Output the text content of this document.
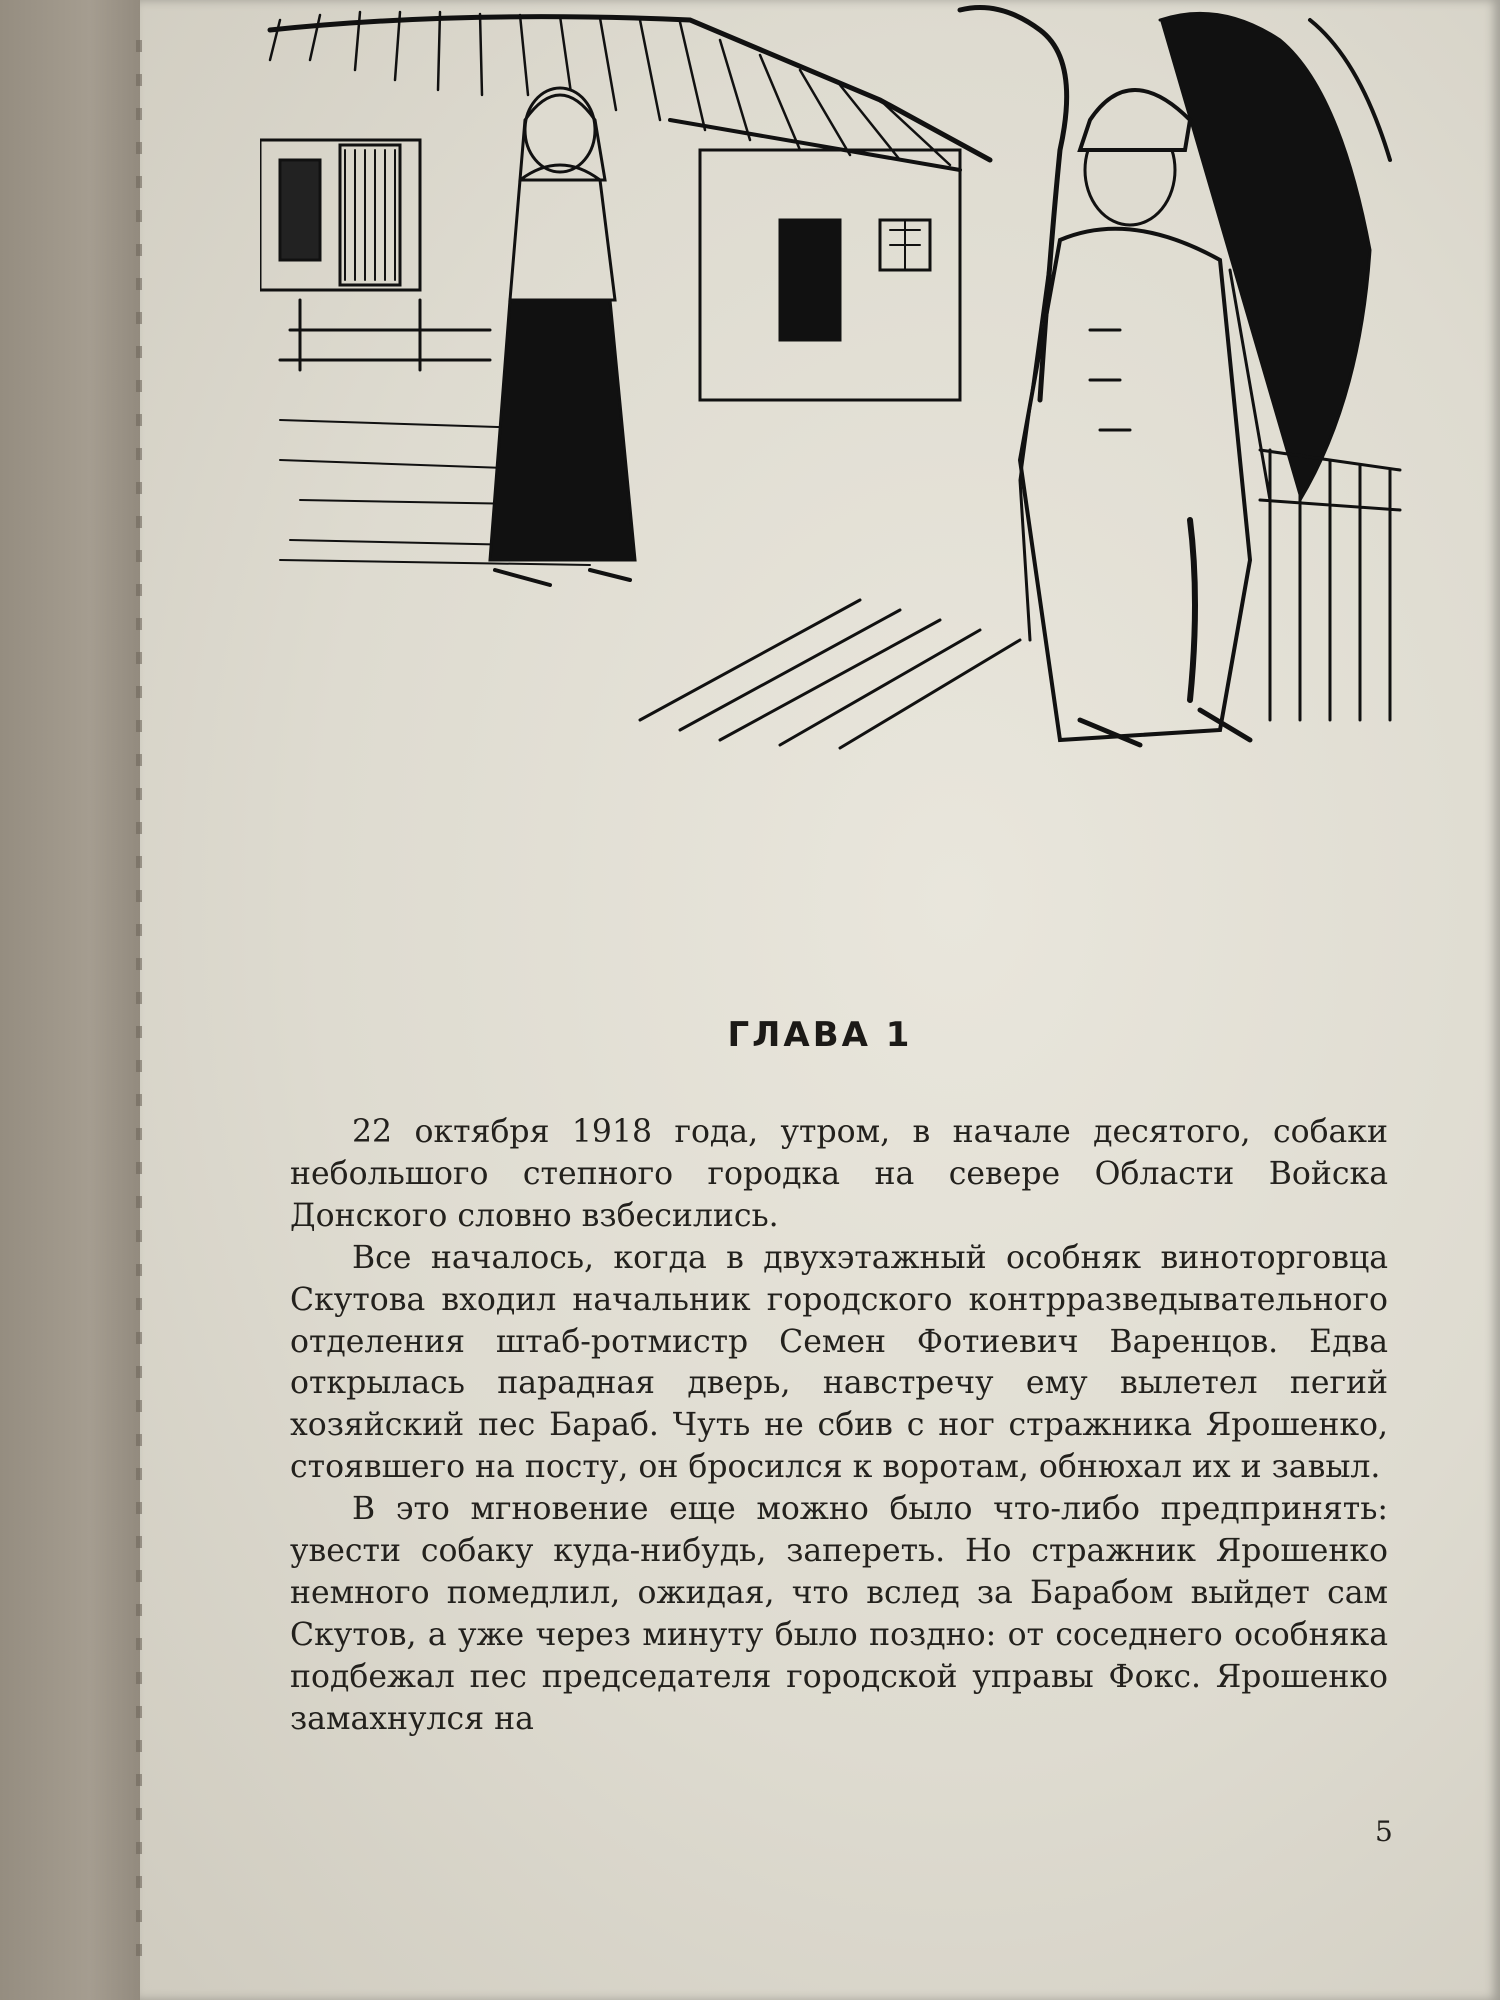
ГЛАВА 1

22 октября 1918 года, утром, в начале десятого, собаки небольшого степного городка на севере Области Войска Донского словно взбесились.

Все началось, когда в двухэтажный особняк виноторговца Скутова входил начальник городского контрразведывательного отделения штаб-ротмистр Семен Фотиевич Варенцов. Едва открылась парадная дверь, навстречу ему вылетел пегий хозяйский пес Бараб. Чуть не сбив с ног стражника Ярошенко, стоявшего на посту, он бросился к воротам, обнюхал их и завыл.

В это мгновение еще можно было что-либо предпринять: увести собаку куда-нибудь, запереть. Но стражник Ярошенко немного помедлил, ожидая, что вслед за Барабом выйдет сам Скутов, а уже через минуту было поздно: от соседнего особняка подбежал пес председателя городской управы Фокс. Ярошенко замахнулся на

5
